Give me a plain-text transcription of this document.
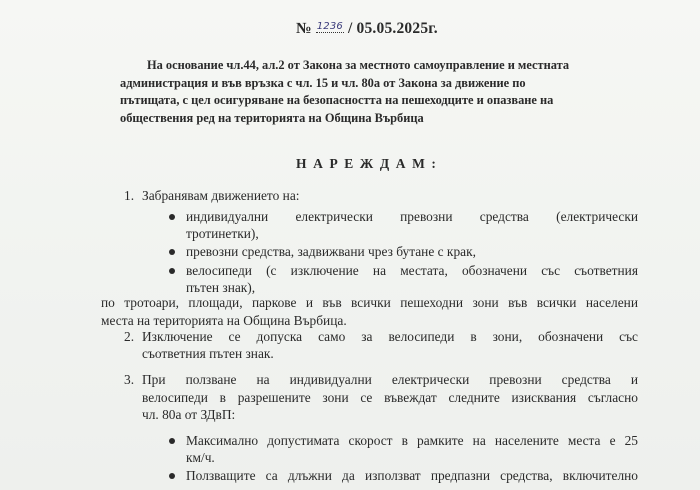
№ 1236 / 05.05.2025г.
На основание чл.44, ал.2 от Закона за местното самоуправление и местната
администрация и във връзка с чл. 15 и чл. 80а от Закона за движение по
пътищата, с цел осигуряване на безопасността на пешеходците и опазване на
обществения ред на територията на Община Върбица
НАРЕЖДАМ:
1. Забранявам движението на:
индивидуални електрически превозни средства (електрически
тротинетки),
превозни средства, задвижвани чрез бутане с крак,
велосипеди (с изключение на местата, обозначени със съответния
пътен знак),
по тротоари, площади, паркове и във всички пешеходни зони във всички населени
места на територията на Община Върбица.
2. Изключение се допуска само за велосипеди в зони, обозначени със
съответния пътен знак.
3. При ползване на индивидуални електрически превозни средства и
велосипеди в разрешените зони се въвеждат следните изисквания съгласно
чл. 80а от ЗДвП:
Максимално допустимата скорост в рамките на населените места е 25
км/ч.
Ползващите са длъжни да използват предпазни средства, включително
